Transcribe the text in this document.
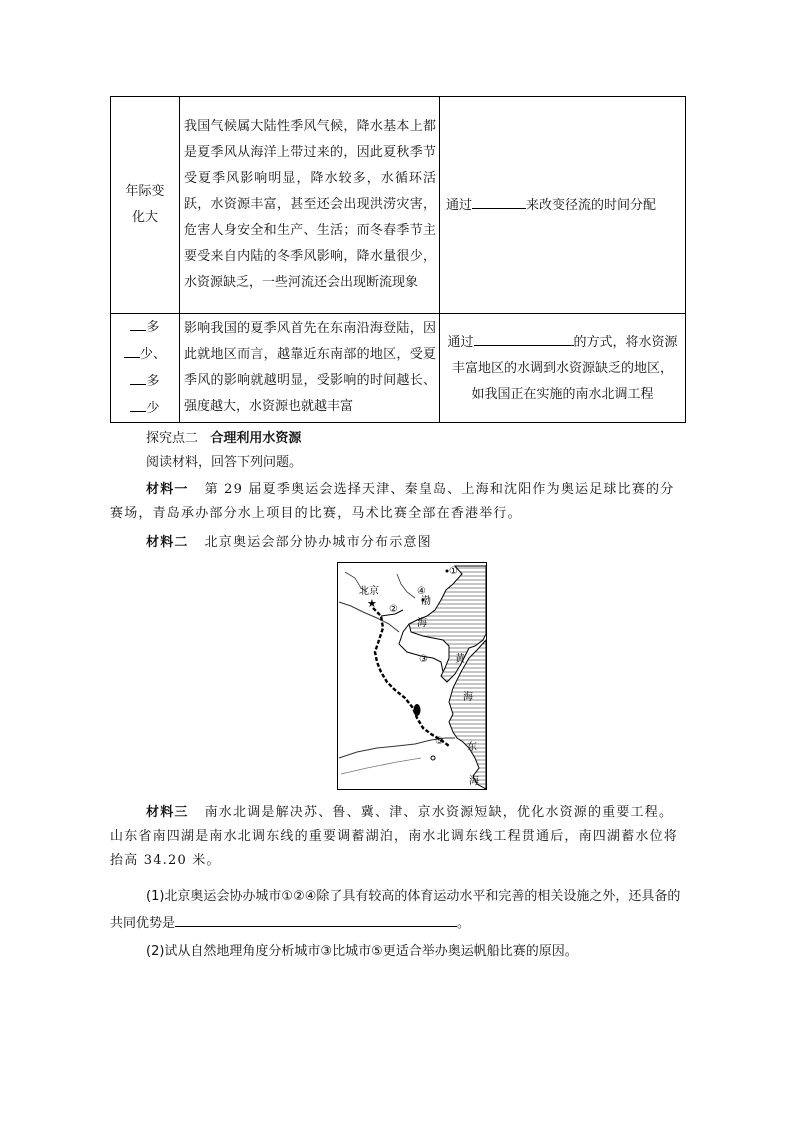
年际变化大	我国气候属大陆性季风气候，降水基本上都是夏季风从海洋上带过来的，因此夏秋季节受夏季风影响明显，降水较多，水循环活跃，水资源丰富，甚至还会出现洪涝灾害，危害人身安全和生产、生活；而冬春季节主要受来自内陆的冬季风影响，降水量很少，水资源缺乏，一些河流还会出现断流现象	通过 来改变径流的时间分配

多
少、
多
少	影响我国的夏季风首先在东南沿海登陆，因此就地区而言，越靠近东南部的地区，受夏季风的影响就越明显，受影响的时间越长、强度越大，水资源也就越丰富	通过 的方式，将水资源丰富地区的水调到水资源缺乏的地区，如我国正在实施的南水北调工程
探究点二 合理利用水资源
阅读材料，回答下列问题。
材料一 第 29 届夏季奥运会选择天津、秦皇岛、上海和沈阳作为奥运足球比赛的分赛场，青岛承办部分水上项目的比赛，马术比赛全部在香港举行。
材料二 北京奥运会部分协办城市分布示意图
北京
★
①
②
④
③
⑤
渤
海
黄
海
东
海
材料三 南水北调是解决苏、鲁、冀、津、京水资源短缺，优化水资源的重要工程。山东省南四湖是南水北调东线的重要调蓄湖泊，南水北调东线工程贯通后，南四湖蓄水位将抬高 34.20 米。
(1)北京奥运会协办城市①②④除了具有较高的体育运动水平和完善的相关设施之外，还具备的共同优势是	。
(2)试从自然地理角度分析城市③比城市⑤更适合举办奥运帆船比赛的原因。
